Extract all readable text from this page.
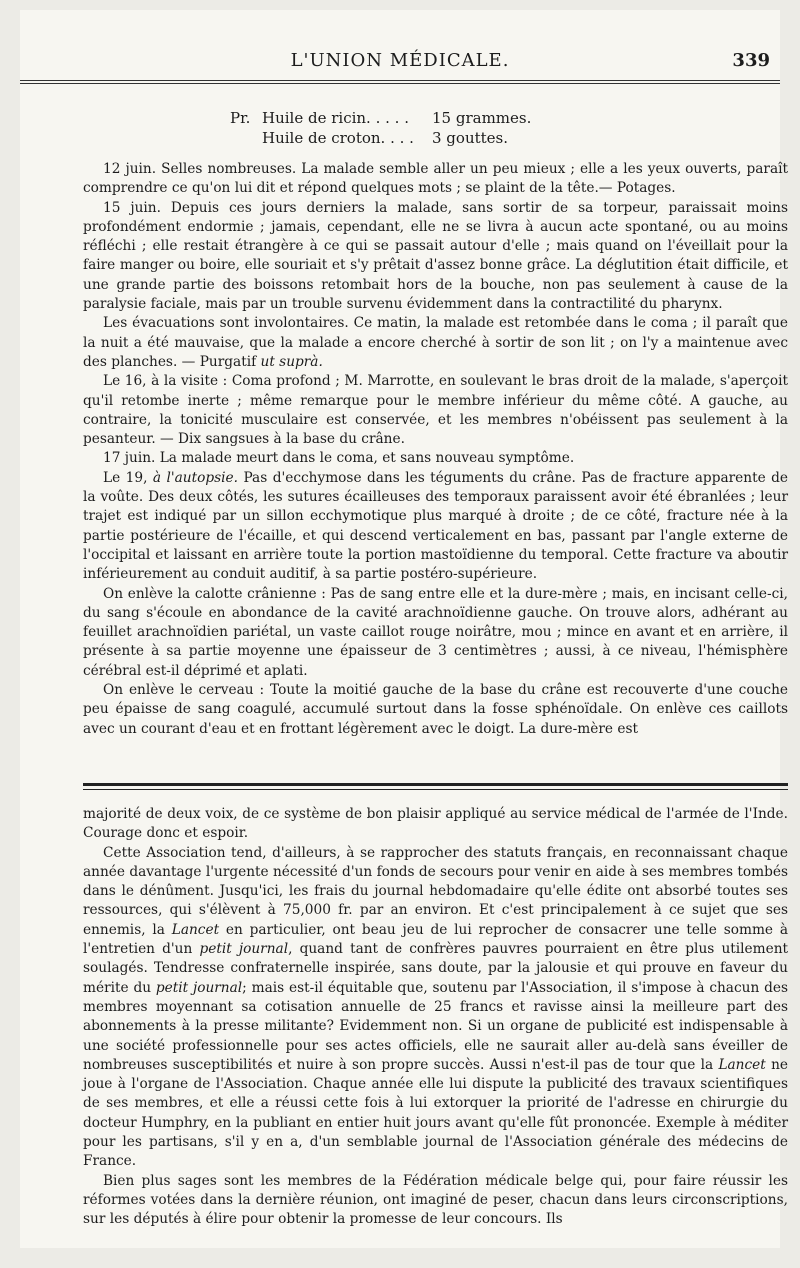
L'UNION MÉDICALE.	339
Pr. Huile de ricin. . . . .	15 grammes.
Huile de croton. . . .	3 gouttes.

12 juin. Selles nombreuses. La malade semble aller un peu mieux ; elle a les yeux ouverts, paraît comprendre ce qu'on lui dit et répond quelques mots ; se plaint de la tête.— Potages.

15 juin. Depuis ces jours derniers la malade, sans sortir de sa torpeur, paraissait moins profondément endormie ; jamais, cependant, elle ne se livra à aucun acte spontané, ou au moins réfléchi ; elle restait étrangère à ce qui se passait autour d'elle ; mais quand on l'éveillait pour la faire manger ou boire, elle souriait et s'y prêtait d'assez bonne grâce. La déglutition était difficile, et une grande partie des boissons retombait hors de la bouche, non pas seulement à cause de la paralysie faciale, mais par un trouble survenu évidemment dans la contractilité du pharynx.

Les évacuations sont involontaires. Ce matin, la malade est retombée dans le coma ; il paraît que la nuit a été mauvaise, que la malade a encore cherché à sortir de son lit ; on l'y a maintenue avec des planches. — Purgatif ut suprà.

Le 16, à la visite : Coma profond ; M. Marrotte, en soulevant le bras droit de la malade, s'aperçoit qu'il retombe inerte ; même remarque pour le membre inférieur du même côté. A gauche, au contraire, la tonicité musculaire est conservée, et les membres n'obéissent pas seulement à la pesanteur. — Dix sangsues à la base du crâne.

17 juin. La malade meurt dans le coma, et sans nouveau symptôme.

Le 19, à l'autopsie. Pas d'ecchymose dans les téguments du crâne. Pas de fracture apparente de la voûte. Des deux côtés, les sutures écailleuses des temporaux paraissent avoir été ébranlées ; leur trajet est indiqué par un sillon ecchymotique plus marqué à droite ; de ce côté, fracture née à la partie postérieure de l'écaille, et qui descend verticalement en bas, passant par l'angle externe de l'occipital et laissant en arrière toute la portion mastoïdienne du temporal. Cette fracture va aboutir inférieurement au conduit auditif, à sa partie postéro-supérieure.

On enlève la calotte crânienne : Pas de sang entre elle et la dure-mère ; mais, en incisant celle-ci, du sang s'écoule en abondance de la cavité arachnoïdienne gauche. On trouve alors, adhérant au feuillet arachnoïdien pariétal, un vaste caillot rouge noirâtre, mou ; mince en avant et en arrière, il présente à sa partie moyenne une épaisseur de 3 centimètres ; aussi, à ce niveau, l'hémisphère cérébral est-il déprimé et aplati.

On enlève le cerveau : Toute la moitié gauche de la base du crâne est recouverte d'une couche peu épaisse de sang coagulé, accumulé surtout dans la fosse sphénoïdale. On enlève ces caillots avec un courant d'eau et en frottant légèrement avec le doigt. La dure-mère est

majorité de deux voix, de ce système de bon plaisir appliqué au service médical de l'armée de l'Inde. Courage donc et espoir.

Cette Association tend, d'ailleurs, à se rapprocher des statuts français, en reconnaissant chaque année davantage l'urgente nécessité d'un fonds de secours pour venir en aide à ses membres tombés dans le dénûment. Jusqu'ici, les frais du journal hebdomadaire qu'elle édite ont absorbé toutes ses ressources, qui s'élèvent à 75,000 fr. par an environ. Et c'est principalement à ce sujet que ses ennemis, la Lancet en particulier, ont beau jeu de lui reprocher de consacrer une telle somme à l'entretien d'un petit journal, quand tant de confrères pauvres pourraient en être plus utilement soulagés. Tendresse confraternelle inspirée, sans doute, par la jalousie et qui prouve en faveur du mérite du petit journal; mais est-il équitable que, soutenu par l'Association, il s'impose à chacun des membres moyennant sa cotisation annuelle de 25 francs et ravisse ainsi la meilleure part des abonnements à la presse militante? Evidemment non. Si un organe de publicité est indispensable à une société professionnelle pour ses actes officiels, elle ne saurait aller au-delà sans éveiller de nombreuses susceptibilités et nuire à son propre succès. Aussi n'est-il pas de tour que la Lancet ne joue à l'organe de l'Association. Chaque année elle lui dispute la publicité des travaux scientifiques de ses membres, et elle a réussi cette fois à lui extorquer la priorité de l'adresse en chirurgie du docteur Humphry, en la publiant en entier huit jours avant qu'elle fût prononcée. Exemple à méditer pour les partisans, s'il y en a, d'un semblable journal de l'Association générale des médecins de France.

Bien plus sages sont les membres de la Fédération médicale belge qui, pour faire réussir les réformes votées dans la dernière réunion, ont imaginé de peser, chacun dans leurs circonscriptions, sur les députés à élire pour obtenir la promesse de leur concours. Ils
